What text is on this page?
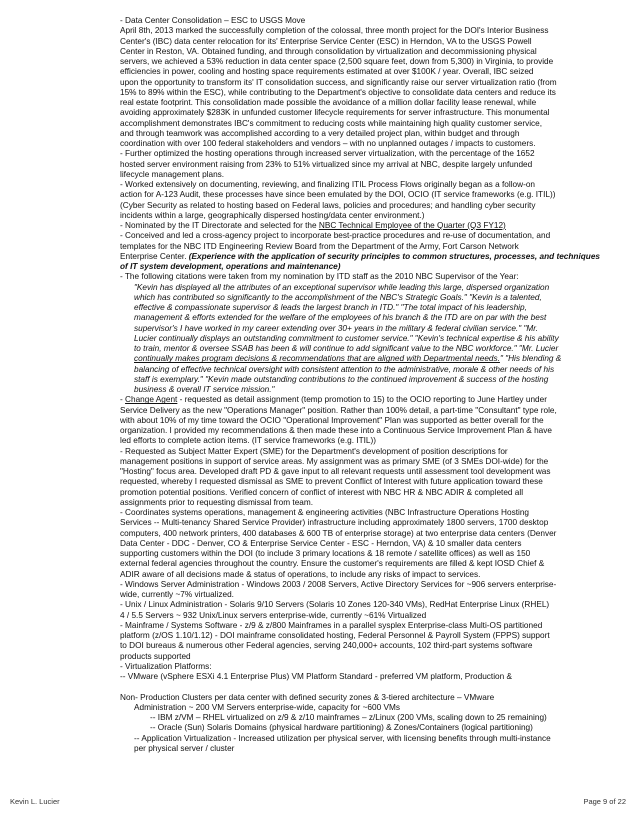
- Data Center Consolidation – ESC to USGS Move
April 8th, 2013 marked the successfully completion of the colossal, three month project for the DOI's Interior Business
Center's (IBC) data center relocation for its' Enterprise Service Center (ESC) in Herndon, VA to the USGS Powell
Center in Reston, VA. Obtained funding, and through consolidation by virtualization and decommissioning physical
servers, we achieved a 53% reduction in data center space (2,500 square feet, down from 5,300) in Virginia, to provide
efficiencies in power, cooling and hosting space requirements estimated at over $100K / year. Overall, IBC seized
upon the opportunity to transform its' IT consolidation success, and significantly raise our server virtualization ratio (from
15% to 89% within the ESC), while contributing to the Department's objective to consolidate data centers and reduce its
real estate footprint. This consolidation made possible the avoidance of a million dollar facility lease renewal, while
avoiding approximately $283K in unfunded customer lifecycle requirements for server infrastructure. This monumental
accomplishment demonstrates IBC's commitment to reducing costs while maintaining high quality customer service,
and through teamwork was accomplished according to a very detailed project plan, within budget and through
coordination with over 100 federal stakeholders and vendors – with no unplanned outages / impacts to customers.
- Further optimized the hosting operations through increased server virtualization, with the percentage of the 1652
hosted server environment raising from 23% to 51% virtualized since my arrival at NBC, despite largely unfunded
lifecycle management plans.
- Worked extensively on documenting, reviewing, and finalizing ITIL Process Flows originally began as a follow-on
action for A-123 Audit, these processes have since been emulated by the DOI, OCIO (IT service frameworks (e.g. ITIL))
(Cyber Security as related to hosting based on Federal laws, policies and procedures; and handling cyber security
incidents within a large, geographically dispersed hosting/data center environment.)
- Nominated by the IT Directorate and selected for the NBC Technical Employee of the Quarter (Q3 FY12)
- Conceived and led a cross-agency project to incorporate best-practice procedures and re-use of documentation, and
templates for the NBC ITD Engineering Review Board from the Department of the Army, Fort Carson Network
Enterprise Center. (Experience with the application of security principles to common structures, processes, and techniques
of IT system development, operations and maintenance)
- The following citations were taken from my nomination by ITD staff as the 2010 NBC Supervisor of the Year:
"Kevin has displayed all the attributes of an exceptional supervisor while leading this large, dispersed organization
which has contributed so significantly to the accomplishment of the NBC's Strategic Goals." "Kevin is a talented,
effective & compassionate supervisor & leads the largest branch in ITD." "The total impact of his leadership,
management & efforts extended for the welfare of the employees of his branch & the ITD are on par with the best
supervisor's I have worked in my career extending over 30+ years in the military & federal civilian service." "Mr.
Lucier continually displays an outstanding commitment to customer service." "Kevin's technical expertise & his ability
to train, mentor & oversee SSAB has been & will continue to add significant value to the NBC workforce." "Mr. Lucier
continually makes program decisions & recommendations that are aligned with Departmental needs." "His blending &
balancing of effective technical oversight with consistent attention to the administrative, morale & other needs of his
staff is exemplary." "Kevin made outstanding contributions to the continued improvement & success of the hosting
business & overall IT service mission."
- Change Agent - requested as detail assignment (temp promotion to 15) to the OCIO reporting to June Hartley under
Service Delivery as the new "Operations Manager" position. Rather than 100% detail, a part-time "Consultant" type role,
with about 10% of my time toward the OCIO "Operational Improvement" Plan was supported as better overall for the
organization. I provided my recommendations & then made these into a Continuous Service Improvement Plan & have
led efforts to complete action items. (IT service frameworks (e.g. ITIL))
- Requested as Subject Matter Expert (SME) for the Department's development of position descriptions for
management positions in support of service areas. My assignment was as primary SME (of 3 SMEs DOI-wide) for the
"Hosting" focus area. Developed draft PD & gave input to all relevant requests until assessment tool development was
requested, whereby I requested dismissal as SME to prevent Conflict of Interest with future application toward these
promotion potential positions. Verified concern of conflict of interest with NBC HR & NBC ADIR & completed all
assignments prior to requesting dismissal from team.
- Coordinates systems operations, management & engineering activities (NBC Infrastructure Operations Hosting
Services -- Multi-tenancy Shared Service Provider) infrastructure including approximately 1800 servers, 1700 desktop
computers, 400 network printers, 400 databases & 600 TB of enterprise storage) at two enterprise data centers (Denver
Data Center - DDC - Denver, CO & Enterprise Service Center - ESC - Herndon, VA) & 10 smaller data centers
supporting customers within the DOI (to include 3 primary locations & 18 remote / satellite offices) as well as 150
external federal agencies throughout the country. Ensure the customer's requirements are filled & kept IOSD Chief &
ADIR aware of all decisions made & status of operations, to include any risks of impact to services.
- Windows Server Administration - Windows 2003 / 2008 Servers, Active Directory Services for ~906 servers enterprise-
wide, currently ~7% virtualized.
- Unix / Linux Administration - Solaris 9/10 Servers (Solaris 10 Zones 120-340 VMs), RedHat Enterprise Linux (RHEL)
4 / 5.5 Servers ~ 932 Unix/Linux servers enterprise-wide, currently ~61% Virtualized
- Mainframe / Systems Software - z/9 & z/800 Mainframes in a parallel sysplex Enterprise-class Multi-OS partitioned
platform (z/OS 1.10/1.12) - DOI mainframe consolidated hosting, Federal Personnel & Payroll System (FPPS) support
to DOI bureaus & numerous other Federal agencies, serving 240,000+ accounts, 102 third-part systems software
products supported
- Virtualization Platforms:
-- VMware (vSphere ESXi 4.1 Enterprise Plus) VM Platform Standard - preferred VM platform, Production &
Non- Production Clusters per data center with defined security zones & 3-tiered architecture – VMware
Administration ~ 200 VM Servers enterprise-wide, capacity for ~600 VMs
-- IBM z/VM – RHEL virtualized on z/9 & z/10 mainframes – z/Linux (200 VMs, scaling down to 25 remaining)
-- Oracle (Sun) Solaris Domains (physical hardware partitioning) & Zones/Containers (logical partitioning)
-- Application Virtualization - Increased utilization per physical server, with licensing benefits through multi-instance
per physical server / cluster
Kevin L. Lucier	Page 9 of 22
